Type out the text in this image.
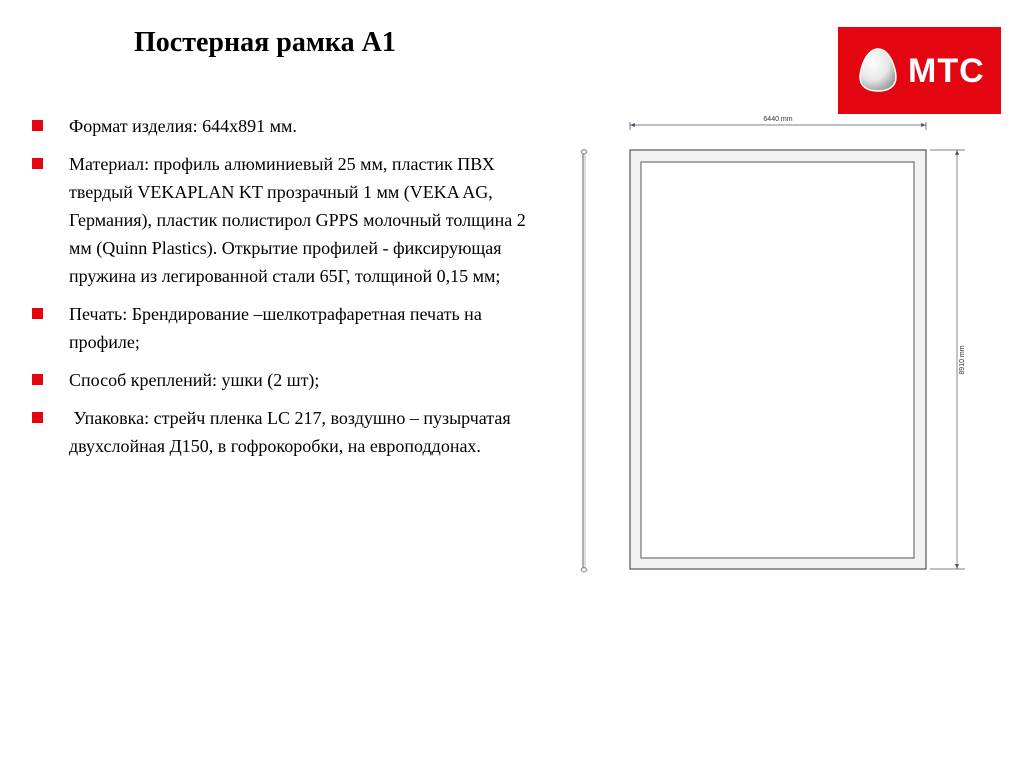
Постерная рамка А1
МТС
Формат изделия: 644х891 мм.
Материал: профиль алюминиевый 25 мм, пластик ПВХ твердый VEKAPLAN KT прозрачный 1 мм (VEKA AG, Германия), пластик полистирол GPPS молочный толщина 2 мм (Quinn Plastics). Открытие профилей - фиксирующая пружина из легированной стали 65Г, толщиной 0,15 мм;
Печать: Брендирование –шелкотрафаретная печать на профиле;
Способ креплений: ушки (2 шт);
Упаковка: стрейч пленка LC 217, воздушно – пузырчатая двухслойная Д150, в гофрокоробки, на европоддонах.
6440 mm
8910 mm
